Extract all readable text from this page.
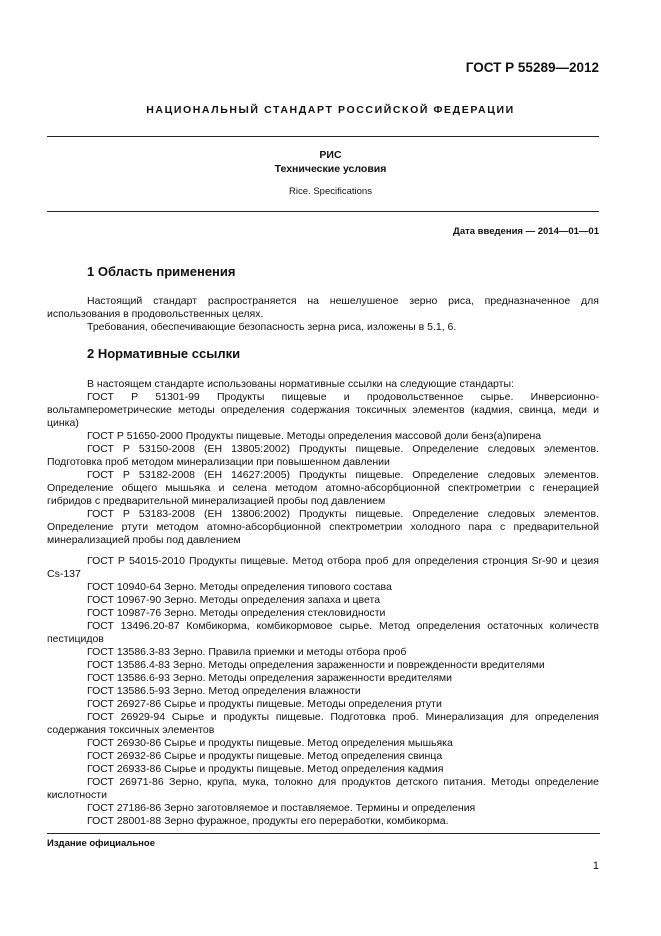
ГОСТ Р 55289—2012
НАЦИОНАЛЬНЫЙ СТАНДАРТ РОССИЙСКОЙ ФЕДЕРАЦИИ
РИС
Технические условия
Rice. Specifications
Дата введения — 2014—01—01
1 Область применения
Настоящий стандарт распространяется на нешелушеное зерно риса, предназначенное для использования в продовольственных целях.
Требования, обеспечивающие безопасность зерна риса, изложены в 5.1, 6.
2 Нормативные ссылки
В настоящем стандарте использованы нормативные ссылки на следующие стандарты:
ГОСТ Р 51301-99 Продукты пищевые и продовольственное сырье. Инверсионно-вольтамперометрические методы определения содержания токсичных элементов (кадмия, свинца, меди и цинка)
ГОСТ Р 51650-2000 Продукты пищевые. Методы определения массовой доли бенз(а)пирена
ГОСТ Р 53150-2008 (ЕН 13805:2002) Продукты пищевые. Определение следовых элементов. Подготовка проб методом минерализации при повышенном давлении
ГОСТ Р 53182-2008 (ЕН 14627:2005) Продукты пищевые. Определение следовых элементов. Определение общего мышьяка и селена методом атомно-абсорбционной спектрометрии с генерацией гибридов с предварительной минерализацией пробы под давлением
ГОСТ Р 53183-2008 (ЕН 13806:2002) Продукты пищевые. Определение следовых элементов. Определение ртути методом атомно-абсорбционной спектрометрии холодного пара с предварительной минерализацией пробы под давлением
ГОСТ Р 54015-2010 Продукты пищевые. Метод отбора проб для определения стронция Sr-90 и цезия Cs-137
ГОСТ 10940-64 Зерно. Методы определения типового состава
ГОСТ 10967-90 Зерно. Методы определения запаха и цвета
ГОСТ 10987-76 Зерно. Методы определения стекловидности
ГОСТ 13496.20-87 Комбикорма, комбикормовое сырье. Метод определения остаточных количеств пестицидов
ГОСТ 13586.3-83 Зерно. Правила приемки и методы отбора проб
ГОСТ 13586.4-83 Зерно. Методы определения зараженности и поврежденности вредителями
ГОСТ 13586.6-93 Зерно. Методы определения зараженности вредителями
ГОСТ 13586.5-93 Зерно. Метод определения влажности
ГОСТ 26927-86 Сырье и продукты пищевые. Методы определения ртути
ГОСТ 26929-94 Сырье и продукты пищевые. Подготовка проб. Минерализация для определения содержания токсичных элементов
ГОСТ 26930-86 Сырье и продукты пищевые. Метод определения мышьяка
ГОСТ 26932-86 Сырье и продукты пищевые. Метод определения свинца
ГОСТ 26933-86 Сырье и продукты пищевые. Метод определения кадмия
ГОСТ 26971-86 Зерно, крупа, мука, толокно для продуктов детского питания. Методы определение кислотности
ГОСТ 27186-86 Зерно заготовляемое и поставляемое. Термины и определения
ГОСТ 28001-88 Зерно фуражное, продукты его переработки, комбикорма.
Издание официальное
1
